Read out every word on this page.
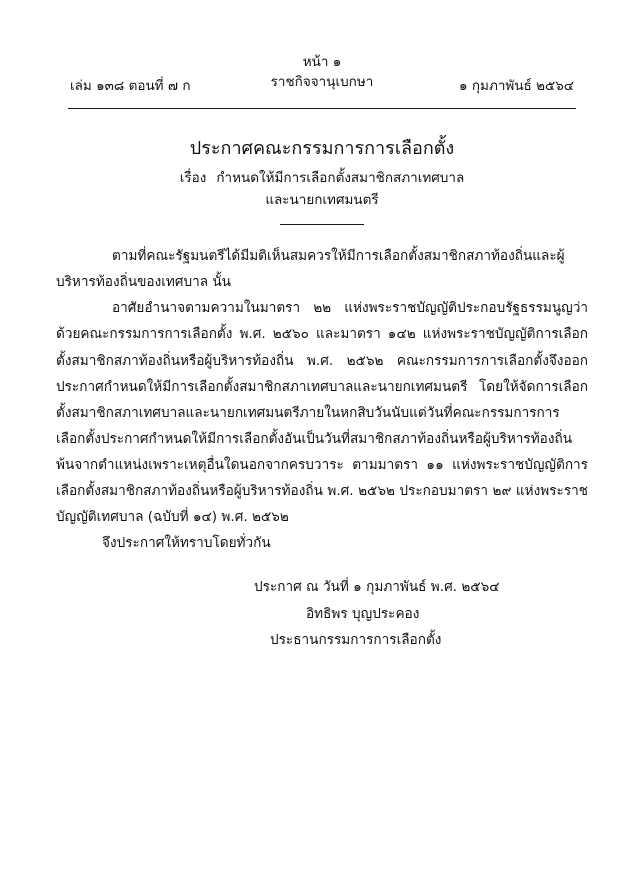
หน้า ๑
ราชกิจจานุเบกษา
เล่ม ๑๓๘ ตอนที่ ๗ ก	๑ กุมภาพันธ์ ๒๕๖๔
ประกาศคณะกรรมการการเลือกตั้ง
เรื่อง กำหนดให้มีการเลือกตั้งสมาชิกสภาเทศบาล
และนายกเทศมนตรี

ตามที่คณะรัฐมนตรีได้มีมติเห็นสมควรให้มีการเลือกตั้งสมาชิกสภาท้องถิ่นและผู้บริหารท้องถิ่นของเทศบาล นั้น

อาศัยอำนาจตามความในมาตรา ๒๒ แห่งพระราชบัญญัติประกอบรัฐธรรมนูญว่าด้วยคณะกรรมการการเลือกตั้ง พ.ศ. ๒๕๖๐ และมาตรา ๑๔๒ แห่งพระราชบัญญัติการเลือกตั้งสมาชิกสภาท้องถิ่นหรือผู้บริหารท้องถิ่น พ.ศ. ๒๕๖๒ คณะกรรมการการเลือกตั้งจึงออกประกาศกำหนดให้มีการเลือกตั้งสมาชิกสภาเทศบาลและนายกเทศมนตรี โดยให้จัดการเลือกตั้งสมาชิกสภาเทศบาลและนายกเทศมนตรีภายในหกสิบวันนับแต่วันที่คณะกรรมการการเลือกตั้งประกาศกำหนดให้มีการเลือกตั้งอันเป็นวันที่สมาชิกสภาท้องถิ่นหรือผู้บริหารท้องถิ่นพ้นจากตำแหน่งเพราะเหตุอื่นใดนอกจากครบวาระ ตามมาตรา ๑๑ แห่งพระราชบัญญัติการเลือกตั้งสมาชิกสภาท้องถิ่นหรือผู้บริหารท้องถิ่น พ.ศ. ๒๕๖๒ ประกอบมาตรา ๒๙ แห่งพระราชบัญญัติเทศบาล (ฉบับที่ ๑๔) พ.ศ. ๒๕๖๒

จึงประกาศให้ทราบโดยทั่วกัน

ประกาศ ณ วันที่ ๑ กุมภาพันธ์ พ.ศ. ๒๕๖๔
อิทธิพร บุญประคอง
ประธานกรรมการการเลือกตั้ง
